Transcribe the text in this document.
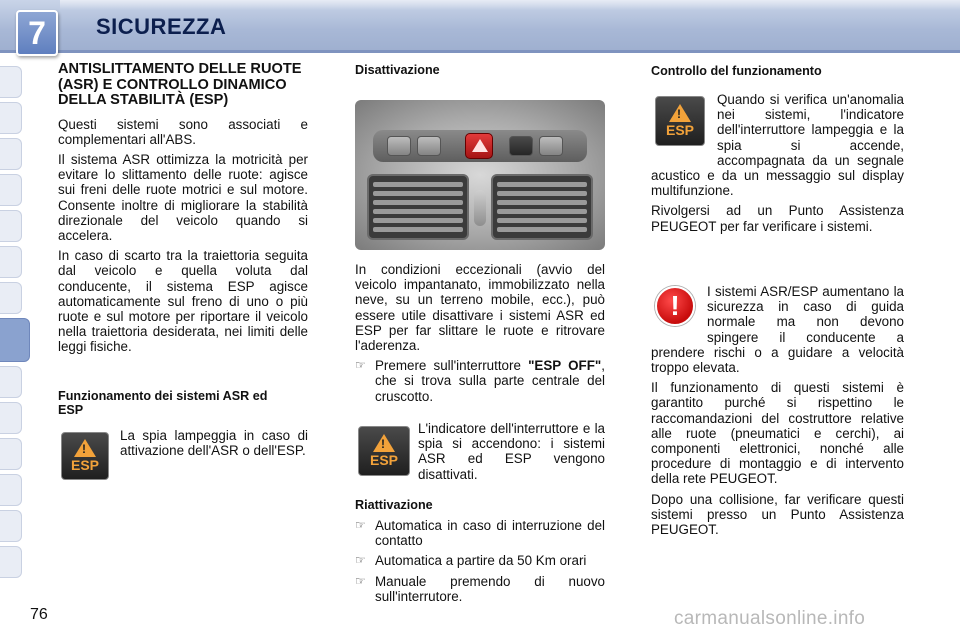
7 SICUREZZA
ANTISLITTAMENTO DELLE RUOTE (ASR) E CONTROLLO DINAMICO DELLA STABILITÀ (ESP)

Questi sistemi sono associati e complementari all'ABS.

Il sistema ASR ottimizza la motricità per evitare lo slittamento delle ruote: agisce sui freni delle ruote motrici e sul motore. Consente inoltre di migliorare la stabilità direzionale del veicolo quando si accelera.

In caso di scarto tra la traiettoria seguita dal veicolo e quella voluta dal conducente, il sistema ESP agisce automaticamente sul freno di uno o più ruote e sul motore per riportare il veicolo nella traiettoria desiderata, nei limiti delle leggi fisiche.

Funzionamento dei sistemi ASR ed ESP
!
ESP

La spia lampeggia in caso di attivazione dell'ASR o dell'ESP.

Disattivazione

In condizioni eccezionali (avvio del veicolo impantanato, immobilizzato nella neve, su un terreno mobile, ecc.), può essere utile disattivare i sistemi ASR ed ESP per far slittare le ruote e ritrovare l'aderenza.

☞ Premere sull'interruttore "ESP OFF", che si trova sulla parte centrale del cruscotto.
!
ESP

L'indicatore dell'interruttore e la spia si accendono: i sistemi ASR ed ESP vengono disattivati.

Riattivazione
☞ Automatica in caso di interruzione del contatto
☞ Automatica a partire da 50 Km orari
☞ Manuale premendo di nuovo sull'interrutore.
Controllo del funzionamento
!
ESP

Quando si verifica un'anomalia nei sistemi, l'indicatore dell'interruttore lampeggia e la spia si accende, accompagnata da un segnale acustico e da un messaggio sul display multifunzione.

Rivolgersi ad un Punto Assistenza PEUGEOT per far verificare i sistemi.

!	I sistemi ASR/ESP aumentano la sicurezza in caso di guida normale ma non devono spingere il conducente a prendere rischi o a guidare a velocità troppo elevata.

Il funzionamento di questi sistemi è garantito purché si rispettino le raccomandazioni del costruttore relative alle ruote (pneumatici e cerchi), ai componenti elettronici, nonché alle procedure di montaggio e di intervento della rete PEUGEOT.

Dopo una collisione, far verificare questi sistemi presso un Punto Assistenza PEUGEOT.

76	carmanualsonline.info
